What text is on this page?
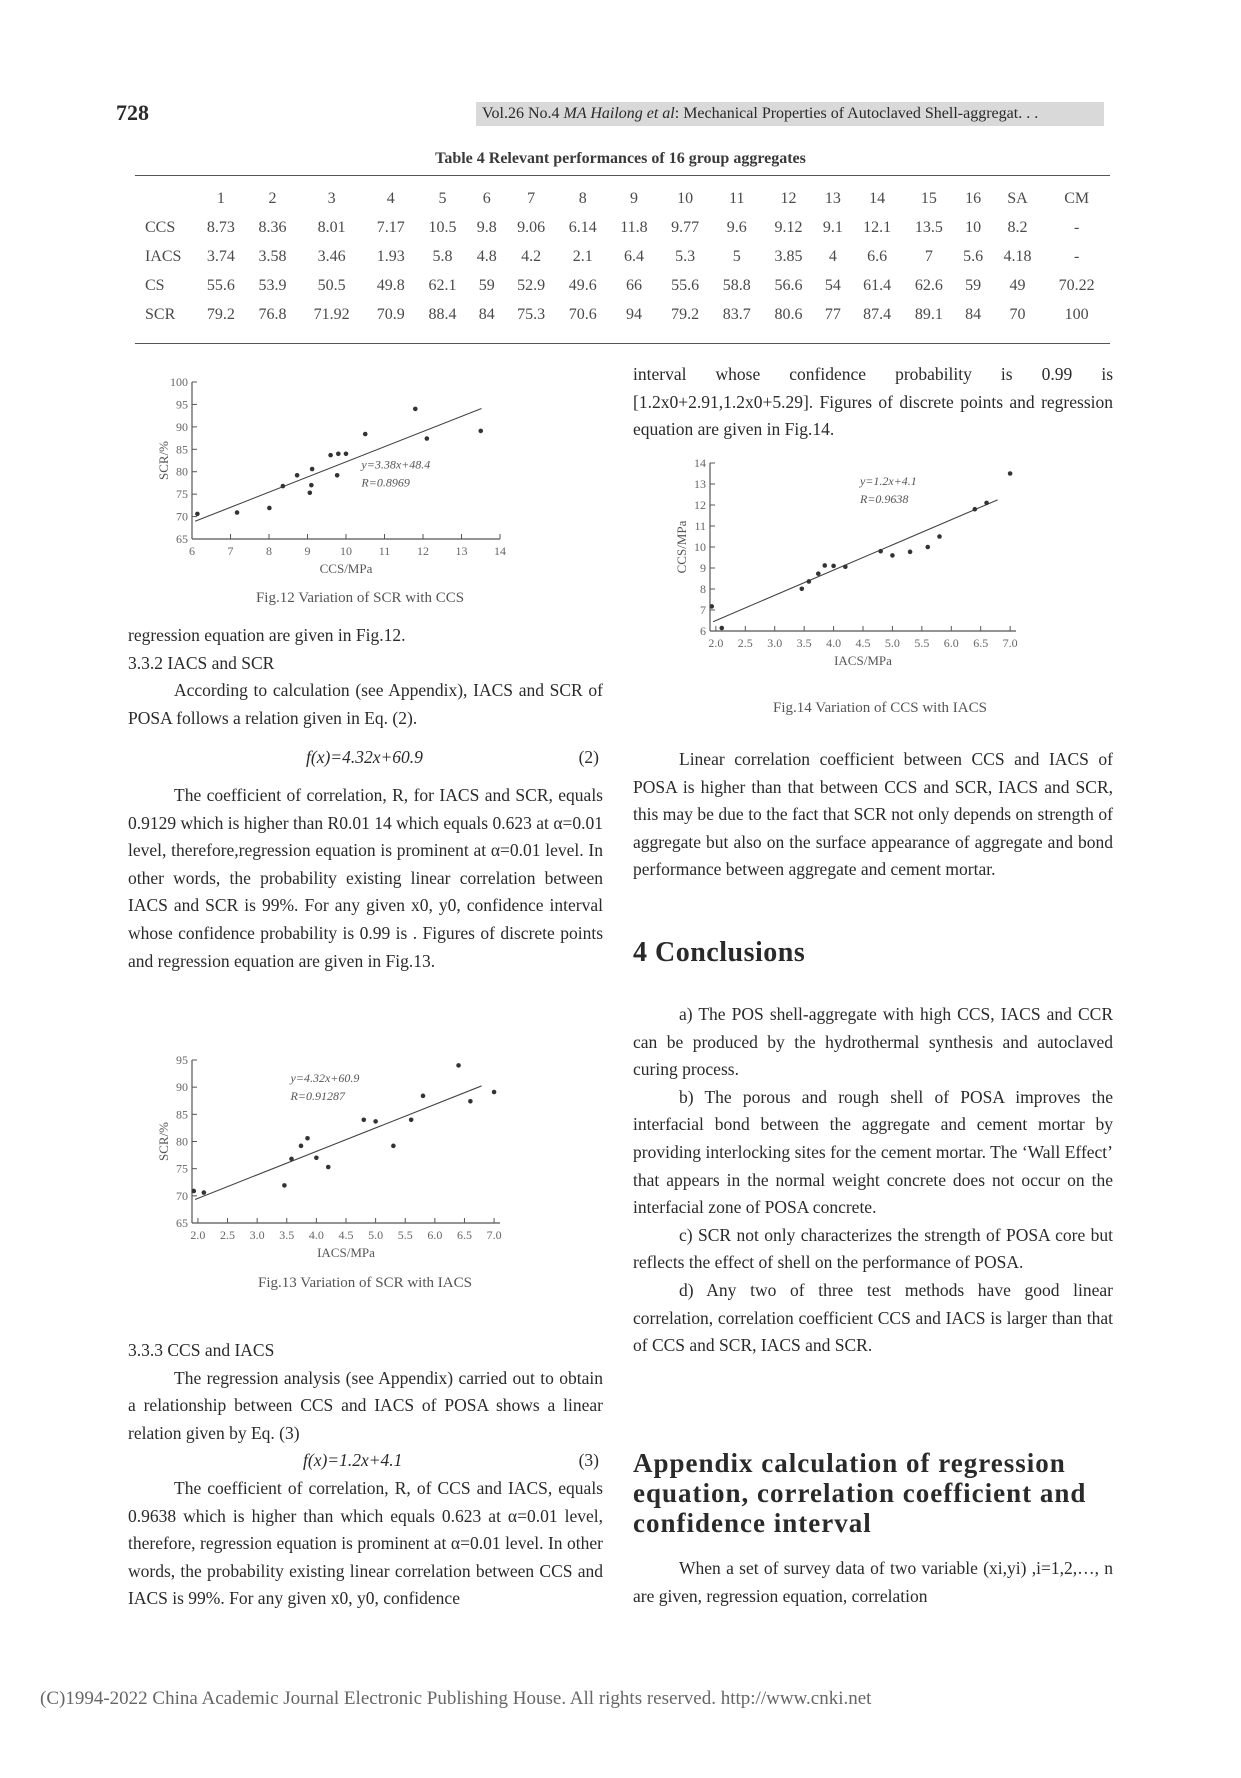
728	Vol.26 No.4 MA Hailong et al: Mechanical Properties of Autoclaved Shell-aggregat. . .
Table 4 Relevant performances of 16 group aggregates
	1	2	3	4	5	6	7	8	9	10	11	12	13	14	15	16	SA	CM
CCS	8.73	8.36	8.01	7.17	10.5	9.8	9.06	6.14	11.8	9.77	9.6	9.12	9.1	12.1	13.5	10	8.2	-
IACS	3.74	3.58	3.46	1.93	5.8	4.8	4.2	2.1	6.4	5.3	5	3.85	4	6.6	7	5.6	4.18	-
CS	55.6	53.9	50.5	49.8	62.1	59	52.9	49.6	66	55.6	58.8	56.6	54	61.4	62.6	59	49	70.22
SCR	79.2	76.8	71.92	70.9	88.4	84	75.3	70.6	94	79.2	83.7	80.6	77	87.4	89.1	84	70	100
65
70
75
80
85
90
95
100
6	7	8	9 10 11 12 13 14
y=3.38x+48.4
R=0.8969
CCS/MPa
SCR/%
Fig.12 Variation of SCR with CCS

regression equation are given in Fig.12.

3.3.2 IACS and SCR

According to calculation (see Appendix), IACS and SCR of POSA follows a relation given in Eq. (2).

f(x)=4.32x+60.9	(2)

The coefficient of correlation, R, for IACS and SCR, equals 0.9129 which is higher than R0.01 14 which equals 0.623 at α=0.01 level, therefore,regression equation is prominent at α=0.01 level. In other words, the probability existing linear correlation between IACS and SCR is 99%. For any given x0, y0, confidence interval whose confidence probability is 0.99 is . Figures of discrete points and regression equation are given in Fig.13.

65
70
75
80
85
90
95
2.0 2.5 3.0 3.5 4.0 4.5 5.0 5.5 6.0 6.5 7.0
y=4.32x+60.9
R=0.91287
IACS/MPa
SCR/%
Fig.13 Variation of SCR with IACS

3.3.3 CCS and IACS

The regression analysis (see Appendix) carried out to obtain a relationship between CCS and IACS of POSA shows a linear relation given by Eq. (3)

f(x)=1.2x+4.1	(3)

The coefficient of correlation, R, of CCS and IACS, equals 0.9638 which is higher than which equals 0.623 at α=0.01 level, therefore, regression equation is prominent at α=0.01 level. In other words, the probability existing linear correlation between CCS and IACS is 99%. For any given x0, y0, confidence

interval whose confidence probability is 0.99 is [1.2x0+2.91,1.2x0+5.29]. Figures of discrete points and regression equation are given in Fig.14.

6
7
8
9
10
11
12
13
14
2.0 2.5 3.0 3.5 4.0 4.5 5.0 5.5 6.0 6.5 7.0
y=1.2x+4.1
R=0.9638
IACS/MPa
CCS/MPa
Fig.14 Variation of CCS with IACS

Linear correlation coefficient between CCS and IACS of POSA is higher than that between CCS and SCR, IACS and SCR, this may be due to the fact that SCR not only depends on strength of aggregate but also on the surface appearance of aggregate and bond performance between aggregate and cement mortar.

4 Conclusions

a) The POS shell-aggregate with high CCS, IACS and CCR can be produced by the hydrothermal synthesis and autoclaved curing process.

b) The porous and rough shell of POSA improves the interfacial bond between the aggregate and cement mortar by providing interlocking sites for the cement mortar. The ‘Wall Effect’ that appears in the normal weight concrete does not occur on the interfacial zone of POSA concrete.

c) SCR not only characterizes the strength of POSA core but reflects the effect of shell on the performance of POSA.

d) Any two of three test methods have good linear correlation, correlation coefficient CCS and IACS is larger than that of CCS and SCR, IACS and SCR.

Appendix calculation of regression equation, correlation coefficient and confidence interval

When a set of survey data of two variable (xi,yi) ,i=1,2,…, n are given, regression equation, correlation

(C)1994-2022 China Academic Journal Electronic Publishing House. All rights reserved. http://www.cnki.net
